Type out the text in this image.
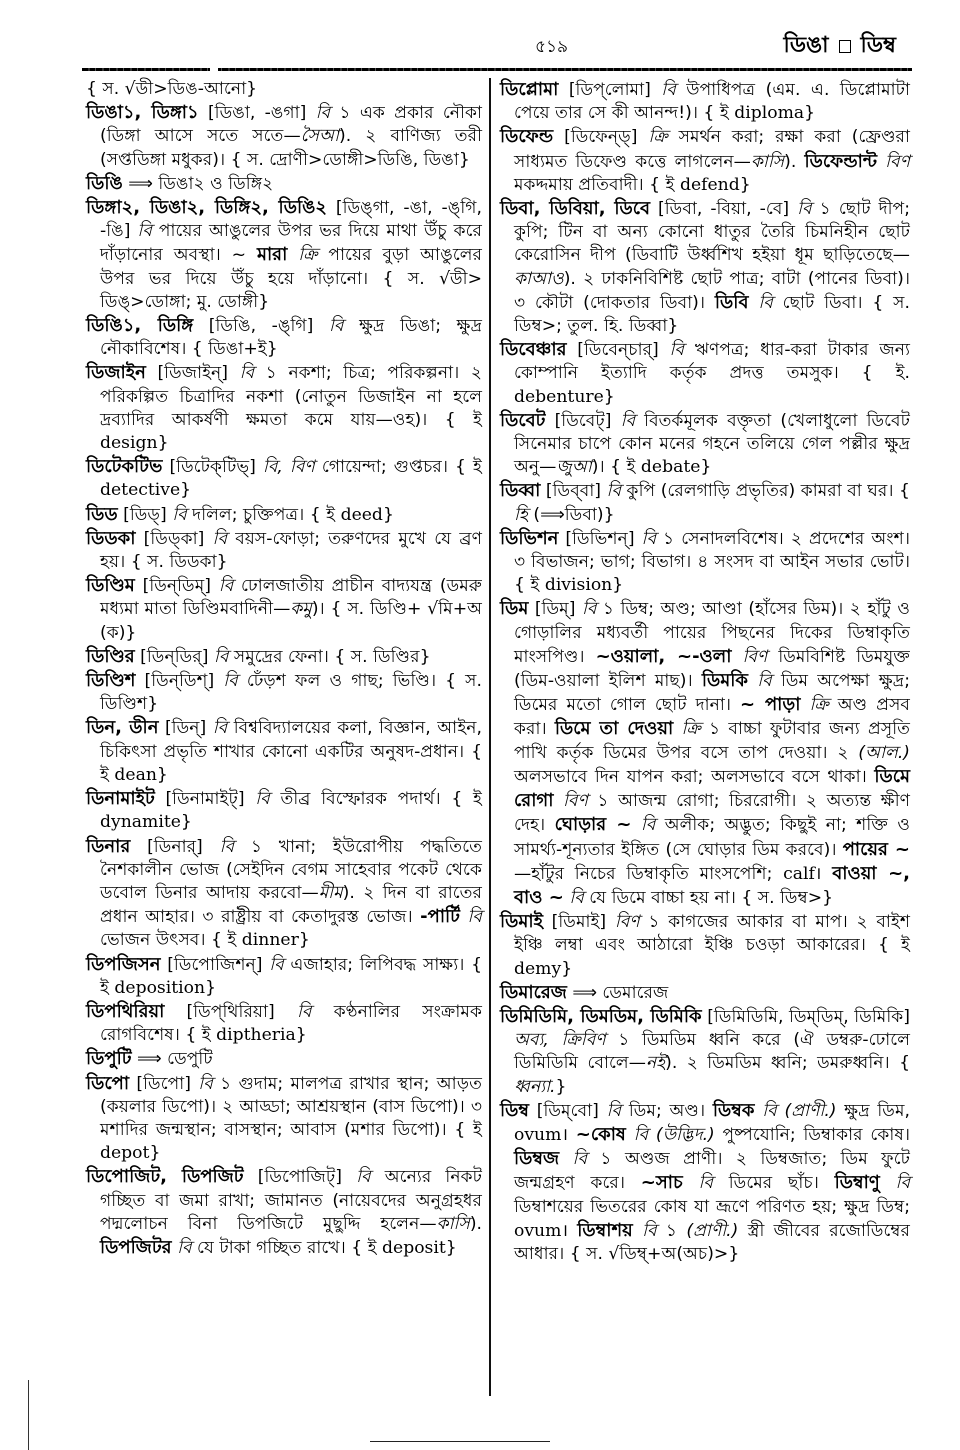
৫১৯	ডিঙা ডিম্ব

{ স. √ডী>ডিঙ-আনো}

ডিঙা১, ডিঙ্গা১ [ডিঙা, -ঙগা] বি ১ এক প্রকার নৌকা (ডিঙ্গা আসে সতে সতে—সৈআ). ২ বাণিজ্য তরী (সপ্তডিঙ্গা মধুকর)। { স. দ্রোণী>ডোঙ্গী>ডিঙি, ডিঙা}

ডিঙি ⟹ ডিঙা২ ও ডিঙ্গি২

ডিঙ্গা২, ডিঙা২, ডিঙ্গি২, ডিঙি২ [ডিঙ্‌গা, -ঙা, -ঙ্‌গি, -ঙি] বি পায়ের আঙুলের উপর ভর দিয়ে মাথা উঁচু করে দাঁড়ানোর অবস্থা। ~ মারা ক্রি পায়ের বুড়া আঙুলের উপর ভর দিয়ে উঁচু হয়ে দাঁড়ানো। { স. √ডী> ডিঙ্>ডোঙ্গা; মু. ডোঙ্গী}

ডিঙি১, ডিঙ্গি [ডিঙি, -ঙ্‌গি] বি ক্ষুদ্র ডিঙা; ক্ষুদ্র নৌকাবিশেষ। { ডিঙা+ই}

ডিজাইন [ডিজাইন্] বি ১ নকশা; চিত্র; পরিকল্পনা। ২ পরিকল্পিত চিত্রাদির নকশা (নোতুন ডিজাইন না হলে দ্রব্যাদির আকর্ষণী ক্ষমতা কমে যায়—ওহ)। { ই design}

ডিটেকটিভ [ডিটেক্‌টিভ্] বি, বিণ গোয়েন্দা; গুপ্তচর। { ই detective}

ডিড [ডিড্] বি দলিল; চুক্তিপত্র। { ই deed}

ডিডকা [ডিড্‌কা] বি বয়স-ফোড়া; তরুণদের মুখে যে ব্রণ হয়। { স. ডিডকা}

ডিণ্ডিম [ডিন্‌ডিম্] বি ঢোলজাতীয় প্রাচীন বাদ্যযন্ত্র (ডমরু মধ্যমা মাতা ডিণ্ডিমবাদিনী—কমু)। { স. ডিণ্ডি+ √মি+অ (ক)}

ডিণ্ডির [ডিন্‌ডির্] বি সমুদ্রের ফেনা। { স. ডিণ্ডির}

ডিণ্ডিশ [ডিন্‌ডিশ্] বি ঢেঁড়শ ফল ও গাছ; ভিণ্ডি। { স. ডিণ্ডিশ}

ডিন, ডীন [ডিন্] বি বিশ্ববিদ্যালয়ের কলা, বিজ্ঞান, আইন, চিকিৎসা প্রভৃতি শাখার কোনো একটির অনুষদ-প্রধান। { ই dean}

ডিনামাইট [ডিনামাইট্] বি তীব্র বিস্ফোরক পদার্থ। { ই dynamite}

ডিনার [ডিনার্] বি ১ খানা; ইউরোপীয় পদ্ধতিতে নৈশকালীন ভোজ (সেইদিন বেগম সাহেবার পকেট থেকে ডবোল ডিনার আদায় করবো—মীম). ২ দিন বা রাতের প্রধান আহার। ৩ রাষ্ট্রীয় বা কেতাদুরস্ত ভোজ। -পার্টি বি ভোজন উৎসব। { ই dinner}

ডিপজিসন [ডিপোজিশন্] বি এজাহার; লিপিবদ্ধ সাক্ষ্য। { ই deposition}

ডিপথিরিয়া [ডিপ্‌থিরিয়া] বি কণ্ঠনালির সংক্রামক রোগবিশেষ। { ই diptheria}

ডিপুটি ⟹ ডেপুটি

ডিপো [ডিপো] বি ১ গুদাম; মালপত্র রাখার স্থান; আড়ত (কয়লার ডিপো)। ২ আড্ডা; আশ্রয়স্থান (বাস ডিপো)। ৩ মশাদির জন্মস্থান; বাসস্থান; আবাস (মশার ডিপো)। { ই depot}

ডিপোজিট, ডিপজিট [ডিপোজিট্] বি অন্যের নিকট গচ্ছিত বা জমা রাখা; জামানত (নায়েবদের অনুগ্রহধর পদ্মলোচন বিনা ডিপজিটে মুছুদ্দি হলেন—কাসি). ডিপজিটর বি যে টাকা গচ্ছিত রাখে। { ই deposit}

ডিপ্লোমা [ডিপ্‌লোমা] বি উপাধিপত্র (এম. এ. ডিপ্লোমাটা পেয়ে তার সে কী আনন্দ!)। { ই diploma}

ডিফেন্ড [ডিফেন্‌ড্] ক্রি সমর্থন করা; রক্ষা করা (ফ্রেণ্ডরা সাধ্যমত ডিফেণ্ড কত্তে লাগলেন—কাসি). ডিফেন্ডান্ট বিণ মকদ্দমায় প্রতিবাদী। { ই defend}

ডিবা, ডিবিয়া, ডিবে [ডিবা, -বিয়া, -বে] বি ১ ছোট দীপ; কুপি; টিন বা অন্য কোনো ধাতুর তৈরি চিমনিহীন ছোট কেরোসিন দীপ (ডিবাটি উর্ধ্বশিখ হইয়া ধূম ছাড়িতেছে—কাআও). ২ ঢাকনিবিশিষ্ট ছোট পাত্র; বাটা (পানের ডিবা)। ৩ কৌটা (দোকতার ডিবা)। ডিবি বি ছোট ডিবা। { স. ডিম্ব>; তুল. হি. ডিব্বা}

ডিবেঞ্চার [ডিবেন্‌চার্] বি ঋণপত্র; ধার-করা টাকার জন্য কোম্পানি ইত্যাদি কর্তৃক প্রদত্ত তমসুক। { ই. debenture}

ডিবেট [ডিবেট্] বি বিতর্কমূলক বক্তৃতা (খেলাধুলো ডিবেট সিনেমার চাপে কোন মনের গহনে তলিয়ে গেল পল্লীর ক্ষুদ্র অনু—জুআ)। { ই debate}

ডিব্বা [ডিব্‌বা] বি কুপি (রেলগাড়ি প্রভৃতির) কামরা বা ঘর। { হি (⟹ডিবা)}

ডিভিশন [ডিভিশন্] বি ১ সেনাদলবিশেষ। ২ প্রদেশের অংশ। ৩ বিভাজন; ভাগ; বিভাগ। ৪ সংসদ বা আইন সভার ভোট। { ই division}

ডিম [ডিম্] বি ১ ডিম্ব; অণ্ড; আণ্ডা (হাঁসের ডিম)। ২ হাঁটু ও গোড়ালির মধ্যবর্তী পায়ের পিছনের দিকের ডিম্বাকৃতি মাংসপিণ্ড। ~ওয়ালা, ~-ওলা বিণ ডিমবিশিষ্ট ডিমযুক্ত (ডিম-ওয়ালা ইলিশ মাছ)। ডিমকি বি ডিম অপেক্ষা ক্ষুদ্র; ডিমের মতো গোল ছোট দানা। ~ পাড়া ক্রি অণ্ড প্রসব করা। ডিমে তা দেওয়া ক্রি ১ বাচ্চা ফুটাবার জন্য প্রসূতি পাখি কর্তৃক ডিমের উপর বসে তাপ দেওয়া। ২ (আল.) অলসভাবে দিন যাপন করা; অলসভাবে বসে থাকা। ডিমে রোগা বিণ ১ আজন্ম রোগা; চিররোগী। ২ অত্যন্ত ক্ষীণ দেহ। ঘোড়ার ~ বি অলীক; অদ্ভুত; কিছুই না; শক্তি ও সামর্থ্য-শূন্যতার ইঙ্গিত (সে ঘোড়ার ডিম করবে)। পায়ের ~ —হাঁটুর নিচের ডিম্বাকৃতি মাংসপেশি; calf। বাওয়া ~, বাও ~ বি যে ডিমে বাচ্চা হয় না। { স. ডিম্ব>}

ডিমাই [ডিমাই] বিণ ১ কাগজের আকার বা মাপ। ২ বাইশ ইঞ্চি লম্বা এবং আঠারো ইঞ্চি চওড়া আকারের। { ই demy}

ডিমারেজ ⟹ ডেমারেজ

ডিমিডিমি, ডিমডিম, ডিমিকি [ডিমিডিমি, ডিম্‌ডিম্, ডিমিকি] অব্য, ক্রিবিণ ১ ডিমডিম ধ্বনি করে (ঐ ডম্বরু-ঢোলে ডিমিডিমি বোলে—নই). ২ ডিমডিম ধ্বনি; ডমরুধ্বনি। { ধ্বন্যা.}

ডিম্ব [ডিম্‌বো] বি ডিম; অণ্ড। ডিম্বক বি (প্রাণী.) ক্ষুদ্র ডিম, ovum। ~কোষ বি (উদ্ভিদ.) পুষ্পযোনি; ডিম্বাকার কোষ। ডিম্বজ বি ১ অণ্ডজ প্রাণী। ২ ডিম্বজাত; ডিম ফুটে জন্মগ্রহণ করে। ~সাচ বি ডিমের ছাঁচ। ডিম্বাণু বি ডিম্বাশয়ের ভিতরের কোষ যা ভ্রূণে পরিণত হয়; ক্ষুদ্র ডিম্ব; ovum। ডিম্বাশয় বি ১ (প্রাণী.) স্ত্রী জীবের রজোডিম্বের আধার। { স. √ডিম্ব্+অ(অচ)>}
